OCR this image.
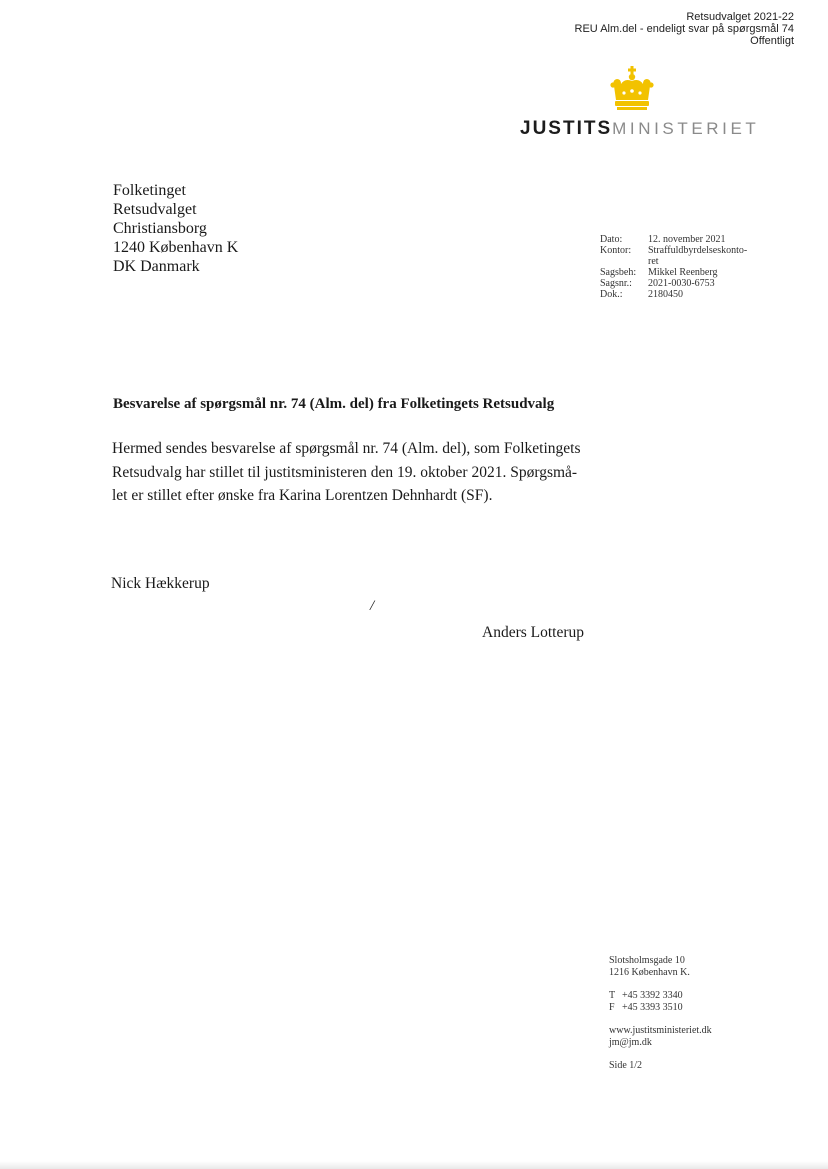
Retsudvalget 2021-22
REU Alm.del - endeligt svar på spørgsmål 74
Offentligt
JUSTITSMINISTERIET
Folketinget
Retsudvalget
Christiansborg
1240 København K
DK Danmark
Dato:	12. november 2021
Kontor:	Straffuldbyrdelseskonto-
	ret
Sagsbeh:	Mikkel Reenberg
Sagsnr.:	2021-0030-6753
Dok.:	2180450
Besvarelse af spørgsmål nr. 74 (Alm. del) fra Folketingets Retsudvalg
Hermed sendes besvarelse af spørgsmål nr. 74 (Alm. del), som Folketingets
Retsudvalg har stillet til justitsministeren den 19. oktober 2021. Spørgsmå-
let er stillet efter ønske fra Karina Lorentzen Dehnhardt (SF).
Nick Hækkerup
/
Anders Lotterup
Slotsholmsgade 10
1216 København K.
T +45 3392 3340
F +45 3393 3510
www.justitsministeriet.dk
jm@jm.dk
Side 1/2
